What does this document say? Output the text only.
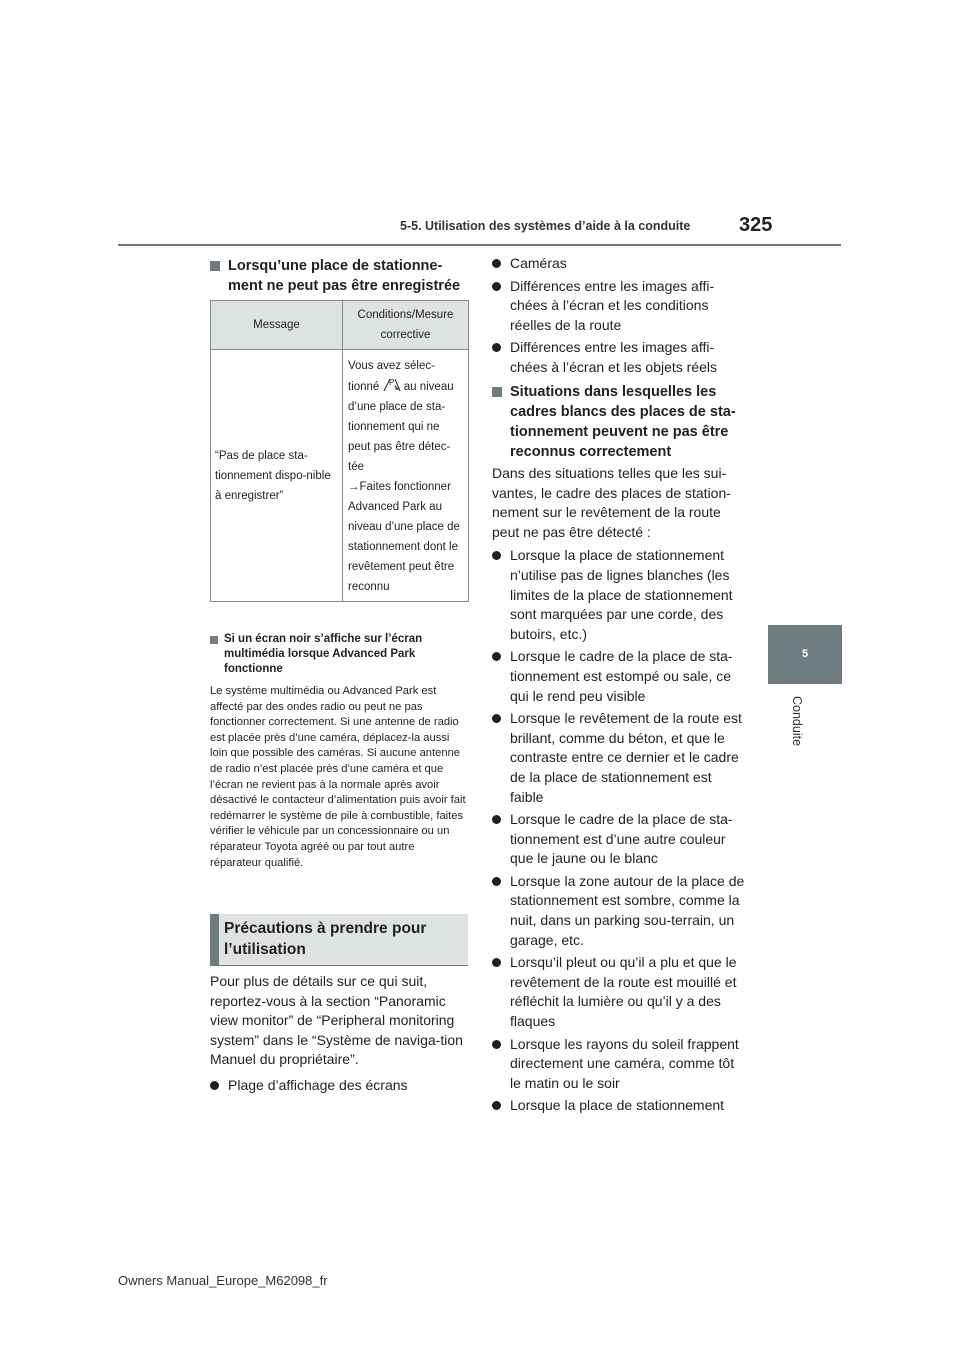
5-5. Utilisation des systèmes d’aide à la conduite 325
5
Conduite
Lorsqu’une place de stationne-ment ne peut pas être enregistrée
Message	Conditions/Mesure corrective
“Pas de place sta-tionnement dispo-nible à enregistrer”	Vous avez sélec-tionné P au niveau d’une place de sta-tionnement qui ne peut pas être détec-tée
→Faites fonctionner Advanced Park au niveau d’une place de stationnement dont le revêtement peut être reconnu
Si un écran noir s’affiche sur l’écran multimédia lorsque Advanced Park fonctionne
Le système multimédia ou Advanced Park est affecté par des ondes radio ou peut ne pas fonctionner correctement. Si une antenne de radio est placée près d’une caméra, déplacez-la aussi loin que possible des caméras. Si aucune antenne de radio n’est placée près d’une caméra et que l’écran ne revient pas à la normale après avoir désactivé le contacteur d’alimentation puis avoir fait redémarrer le système de pile à combustible, faites vérifier le véhicule par un concessionnaire ou un réparateur Toyota agréé ou par tout autre réparateur qualifié.
Précautions à prendre pour l’utilisation
Pour plus de détails sur ce qui suit, reportez-vous à la section “Panoramic view monitor” de “Peripheral monitoring system” dans le “Système de naviga-tion Manuel du propriétaire”.
Plage d’affichage des écrans
Caméras
Différences entre les images affi-chées à l’écran et les conditions réelles de la route
Différences entre les images affi-chées à l’écran et les objets réels
Situations dans lesquelles les cadres blancs des places de sta-tionnement peuvent ne pas être reconnus correctement
Dans des situations telles que les sui-vantes, le cadre des places de station-nement sur le revêtement de la route peut ne pas être détecté :
Lorsque la place de stationnement n’utilise pas de lignes blanches (les limites de la place de stationnement sont marquées par une corde, des butoirs, etc.)
Lorsque le cadre de la place de sta-tionnement est estompé ou sale, ce qui le rend peu visible
Lorsque le revêtement de la route est brillant, comme du béton, et que le contraste entre ce dernier et le cadre de la place de stationnement est faible
Lorsque le cadre de la place de sta-tionnement est d’une autre couleur que le jaune ou le blanc
Lorsque la zone autour de la place de stationnement est sombre, comme la nuit, dans un parking sou-terrain, un garage, etc.
Lorsqu’il pleut ou qu’il a plu et que le revêtement de la route est mouillé et réfléchit la lumière ou qu’il y a des flaques
Lorsque les rayons du soleil frappent directement une caméra, comme tôt le matin ou le soir
Lorsque la place de stationnement
Owners Manual_Europe_M62098_fr
